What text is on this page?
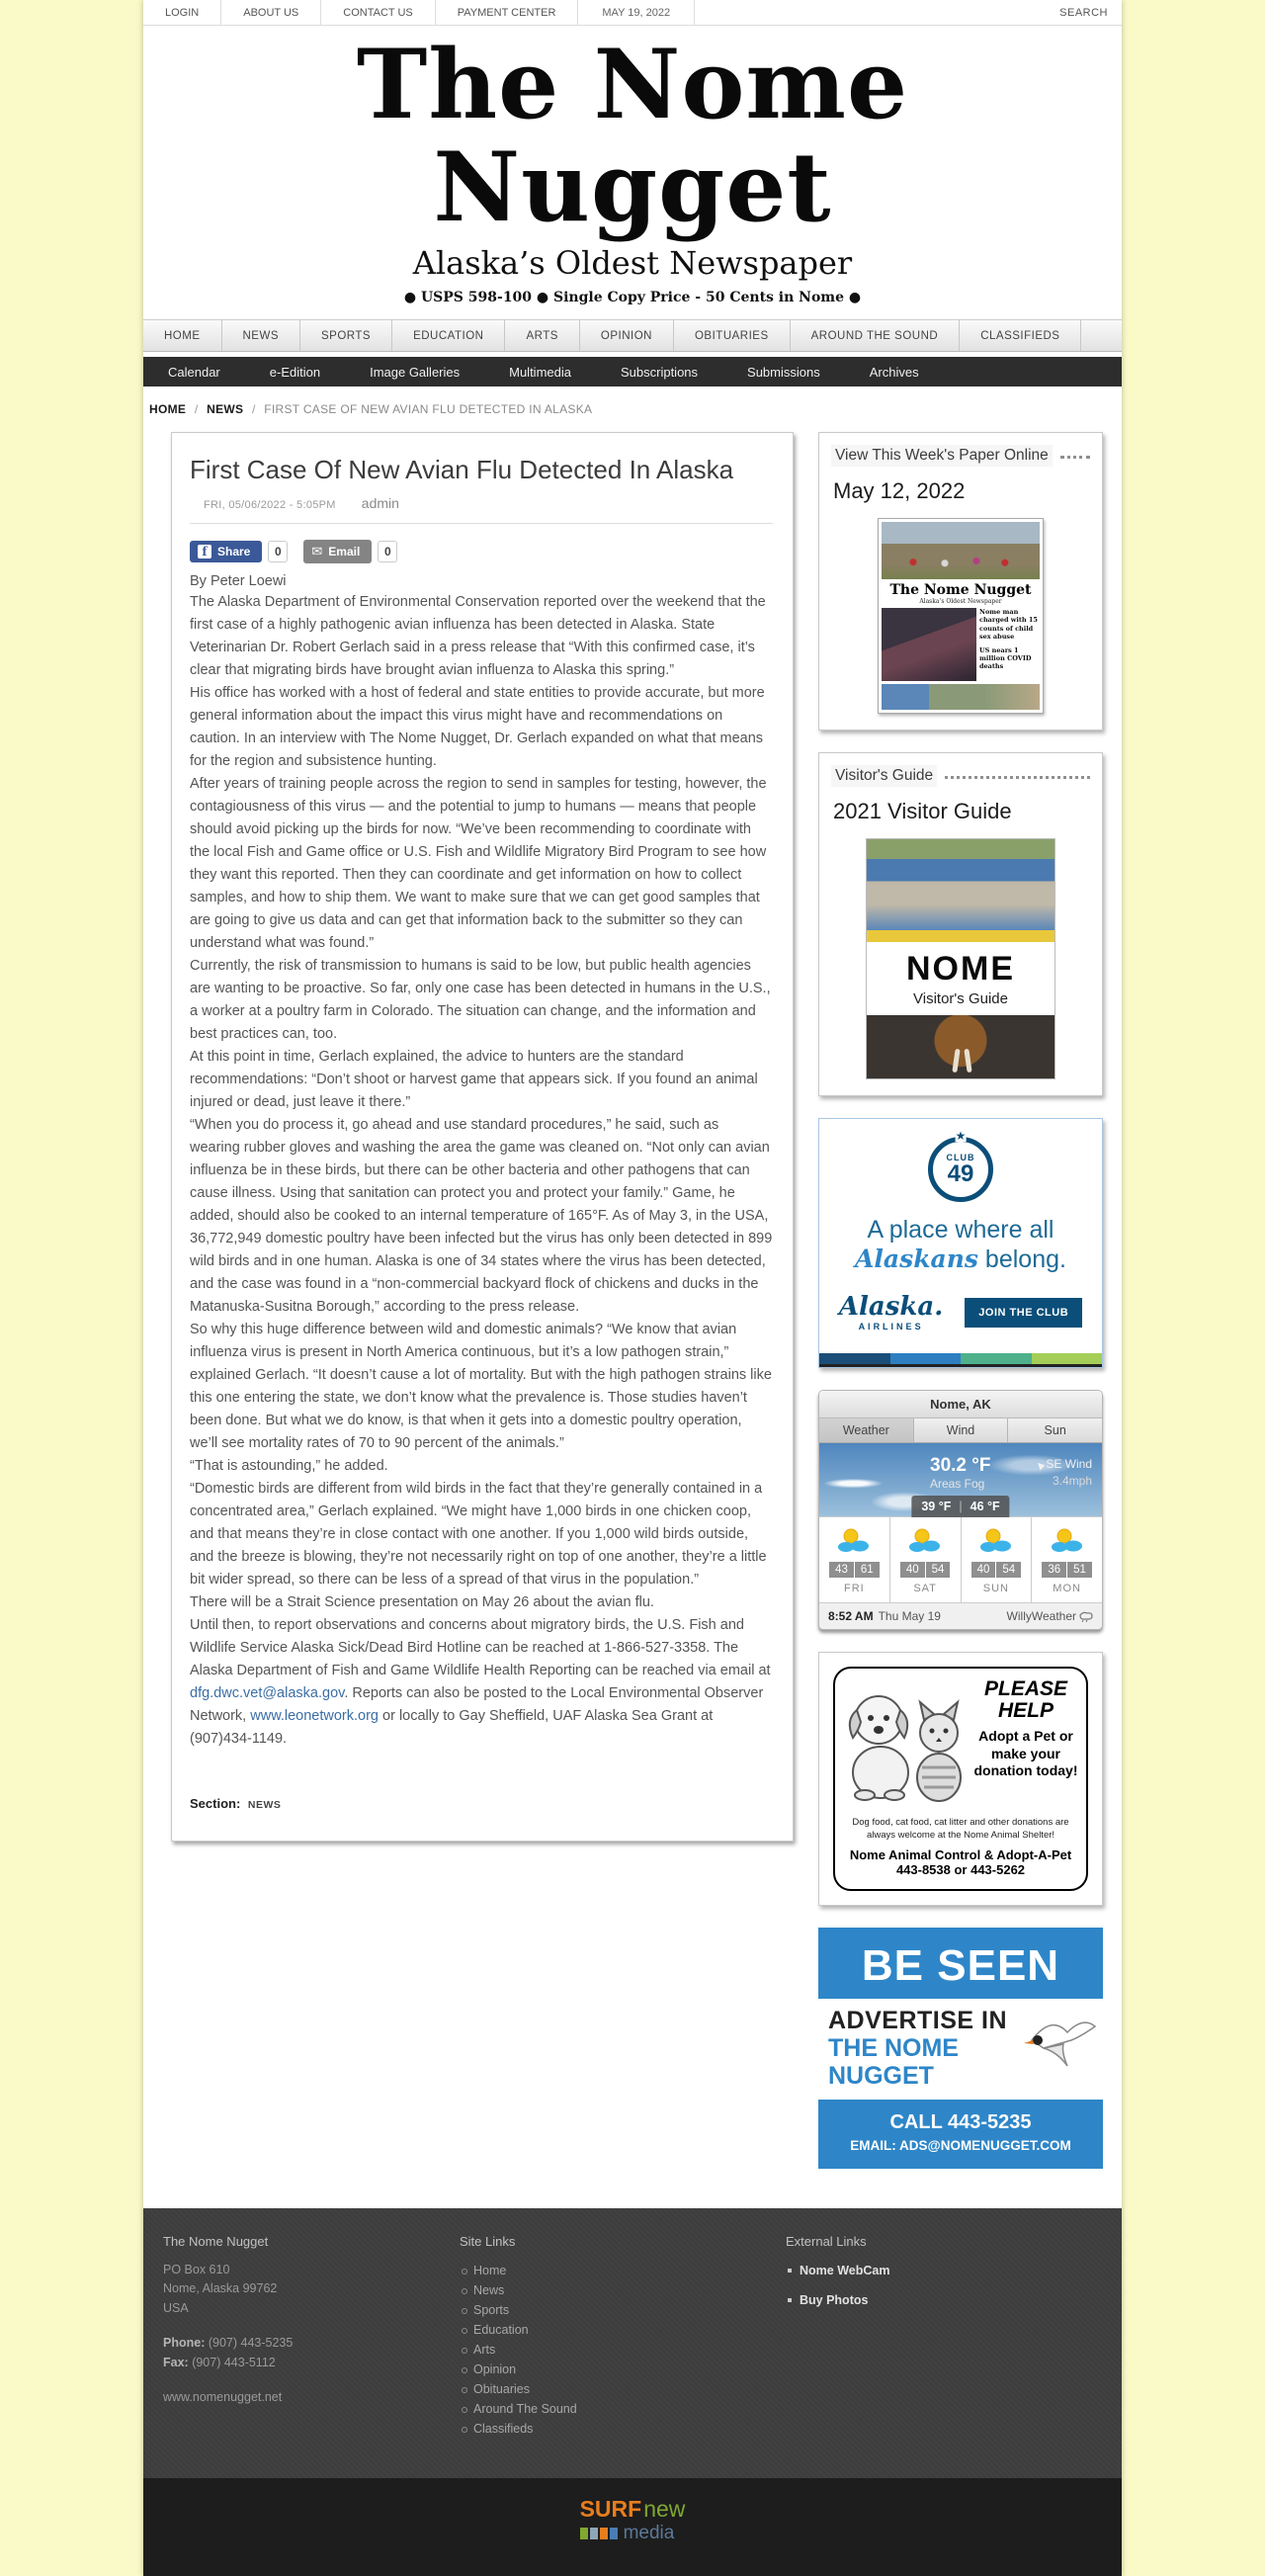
LOGIN	ABOUT US	CONTACT US	PAYMENT CENTER	MAY 19, 2022	SEARCH
The Nome Nugget
Alaska’s Oldest Newspaper
● USPS 598-100 ● Single Copy Price - 50 Cents in Nome ●
HOME	NEWS	SPORTS	EDUCATION	ARTS	OPINION	OBITUARIES	AROUND THE SOUND	CLASSIFIEDS
Calendar	e-Edition	Image Galleries	Multimedia	Subscriptions	Submissions	Archives
HOME / NEWS / FIRST CASE OF NEW AVIAN FLU DETECTED IN ALASKA
First Case Of New Avian Flu Detected In Alaska
FRI, 05/06/2022 - 5:05PM admin
f Share	0	✉ Email	0
By Peter Loewi

The Alaska Department of Environmental Conservation reported over the weekend that the first case of a highly pathogenic avian influenza has been detected in Alaska. State Veterinarian Dr. Robert Gerlach said in a press release that “With this confirmed case, it’s clear that migrating birds have brought avian influenza to Alaska this spring.”

His office has worked with a host of federal and state entities to provide accurate, but more general information about the impact this virus might have and recommendations on caution. In an interview with The Nome Nugget, Dr. Gerlach expanded on what that means for the region and subsistence hunting.

After years of training people across the region to send in samples for testing, however, the contagiousness of this virus — and the potential to jump to humans — means that people should avoid picking up the birds for now. “We’ve been recommending to coordinate with the local Fish and Game office or U.S. Fish and Wildlife Migratory Bird Program to see how they want this reported. Then they can coordinate and get information on how to collect samples, and how to ship them. We want to make sure that we can get good samples that are going to give us data and can get that information back to the submitter so they can understand what was found.”

Currently, the risk of transmission to humans is said to be low, but public health agencies are wanting to be proactive. So far, only one case has been detected in humans in the U.S., a worker at a poultry farm in Colorado. The situation can change, and the information and best practices can, too.

At this point in time, Gerlach explained, the advice to hunters are the standard recommendations: “Don’t shoot or harvest game that appears sick. If you found an animal injured or dead, just leave it there.”

“When you do process it, go ahead and use standard procedures,” he said, such as wearing rubber gloves and washing the area the game was cleaned on. “Not only can avian influenza be in these birds, but there can be other bacteria and other pathogens that can cause illness. Using that sanitation can protect you and protect your family.” Game, he added, should also be cooked to an internal temperature of 165°F. As of May 3, in the USA, 36,772,949 domestic poultry have been infected but the virus has only been detected in 899 wild birds and in one human. Alaska is one of 34 states where the virus has been detected, and the case was found in a “non-commercial backyard flock of chickens and ducks in the Matanuska-Susitna Borough,” according to the press release.

So why this huge difference between wild and domestic animals? “We know that avian influenza virus is present in North America continuous, but it’s a low pathogen strain,” explained Gerlach. “It doesn’t cause a lot of mortality. But with the high pathogen strains like this one entering the state, we don’t know what the prevalence is. Those studies haven’t been done. But what we do know, is that when it gets into a domestic poultry operation, we’ll see mortality rates of 70 to 90 percent of the animals.”

“That is astounding,” he added.

“Domestic birds are different from wild birds in the fact that they’re generally contained in a concentrated area,” Gerlach explained. “We might have 1,000 birds in one chicken coop, and that means they’re in close contact with one another. If you 1,000 wild birds outside, and the breeze is blowing, they’re not necessarily right on top of one another, they’re a little bit wider spread, so there can be less of a spread of that virus in the population.”

There will be a Strait Science presentation on May 26 about the avian flu.

Until then, to report observations and concerns about migratory birds, the U.S. Fish and Wildlife Service Alaska Sick/Dead Bird Hotline can be reached at 1-866-527-3358. The Alaska Department of Fish and Game Wildlife Health Reporting can be reached via email at dfg.dwc.vet@alaska.gov. Reports can also be posted to the Local Environmental Observer Network, www.leonetwork.org or locally to Gay Sheffield, UAF Alaska Sea Grant at (907)434-1149.

Section: NEWS
View This Week's Paper Online
May 12, 2022
The Nome Nugget
Alaska’s Oldest Newspaper
Nome man charged with 15 counts of child sex abuse
US nears 1 million COVID deaths
Visitor's Guide
2021 Visitor Guide
NOME
Visitor's Guide
★
CLUB
49
A place where all
Alaskans belong.
Alaska.
AIRLINES
JOIN THE CLUB
Nome, AK
Weather	Wind	Sun
30.2 °F
Areas Fog
▶SE Wind
3.4mph
39 °F | 46 °F

43	61
FRI

40	54
SAT

40	54
SUN

36	51
MON
8:52 AM Thu May 19	WillyWeather
PLEASE HELP
Adopt a Pet or make your donation today!
Dog food, cat food, cat litter and other donations are always welcome at the Nome Animal Shelter!
Nome Animal Control & Adopt-A-Pet
443-8538 or 443-5262
BE SEEN
ADVERTISE IN
THE NOME NUGGET
CALL 443-5235
EMAIL: ADS@NOMENUGGET.COM
The Nome Nugget
PO Box 610
Nome, Alaska 99762
USA
Phone: (907) 443-5235
Fax: (907) 443-5112
www.nomenugget.net
Site Links
Home
News
Sports
Education
Arts
Opinion
Obituaries
Around The Sound
Classifieds
External Links
Nome WebCam
Buy Photos
SURFnew
media
